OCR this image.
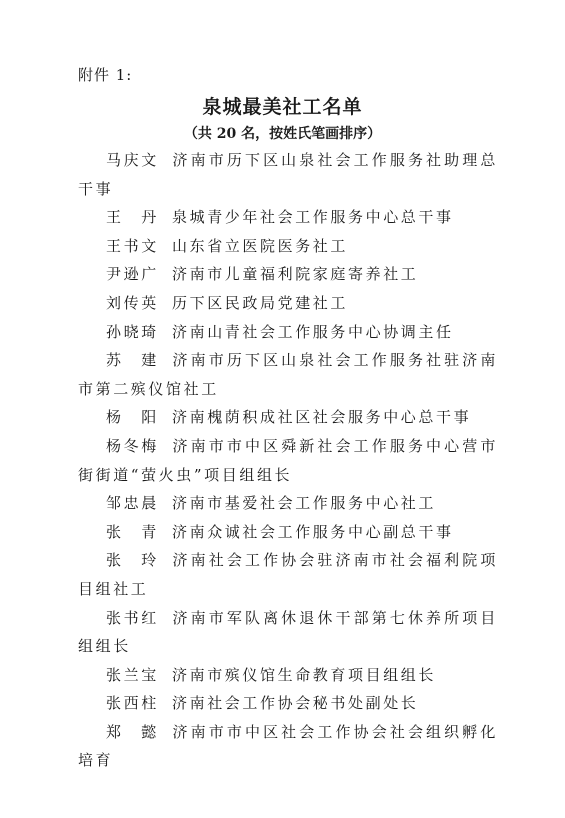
附件 1:
泉城最美社工名单
（共 20 名，按姓氏笔画排序）

马庆文 济南市历下区山泉社会工作服务社助理总干事

王　丹 泉城青少年社会工作服务中心总干事

王书文 山东省立医院医务社工

尹逊广 济南市儿童福利院家庭寄养社工

刘传英 历下区民政局党建社工

孙晓琦 济南山青社会工作服务中心协调主任

苏　建 济南市历下区山泉社会工作服务社驻济南市第二殡仪馆社工

杨　阳 济南槐荫积成社区社会服务中心总干事

杨冬梅 济南市市中区舜新社会工作服务中心营市街街道“萤火虫”项目组组长

邹忠晨 济南市基爱社会工作服务中心社工

张　青 济南众诚社会工作服务中心副总干事

张　玲 济南社会工作协会驻济南市社会福利院项目组社工

张书红 济南市军队离休退休干部第七休养所项目组组长

张兰宝 济南市殡仪馆生命教育项目组组长

张西柱 济南社会工作协会秘书处副处长

郑　懿 济南市市中区社会工作协会社会组织孵化培育
